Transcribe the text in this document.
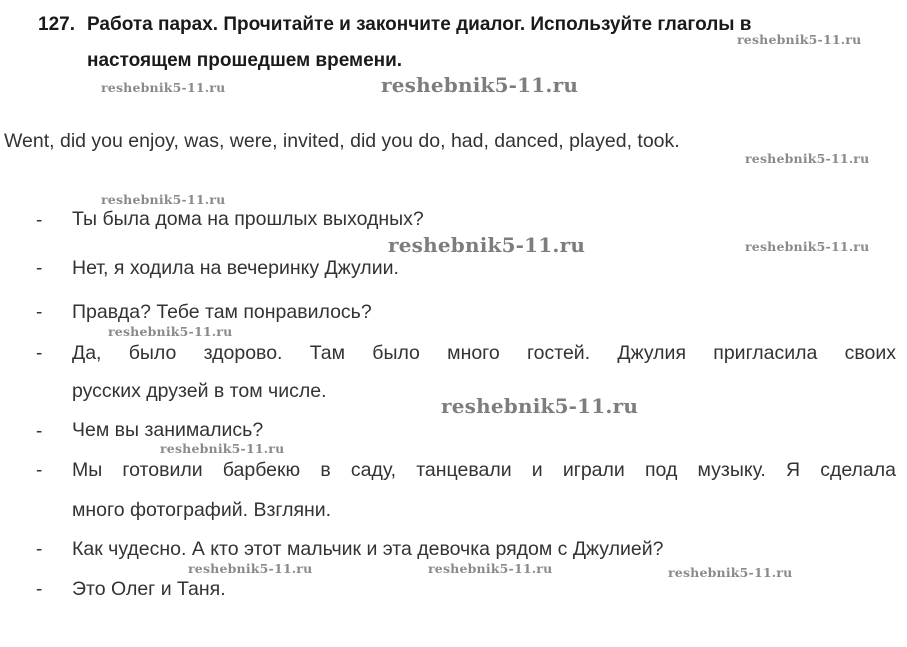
127. Работа парах. Прочитайте и закончите диалог. Используйте глаголы в
настоящем прошедшем времени.
Went, did you enjoy, was, were, invited, did you do, had, danced, played, took.
-
-
-
-
-
-
-
-
Ты была дома на прошлых выходных?
Нет, я ходила на вечеринку Джулии.
Правда? Тебе там понравилось?
Да, было здорово. Там было много гостей. Джулия пригласила своих
русских друзей в том числе.
Чем вы занимались?
Мы готовили барбекю в саду, танцевали и играли под музыку. Я сделала
много фотографий. Взгляни.
Как чудесно. А кто этот мальчик и эта девочка рядом с Джулией?
Это Олег и Таня.
reshebnik5-11.ru
reshebnik5-11.ru	reshebnik5-11.ru
reshebnik5-11.ru
reshebnik5-11.ru
reshebnik5-11.ru	reshebnik5-11.ru
reshebnik5-11.ru
reshebnik5-11.ru
reshebnik5-11.ru
reshebnik5-11.ru	reshebnik5-11.ru	reshebnik5-11.ru
